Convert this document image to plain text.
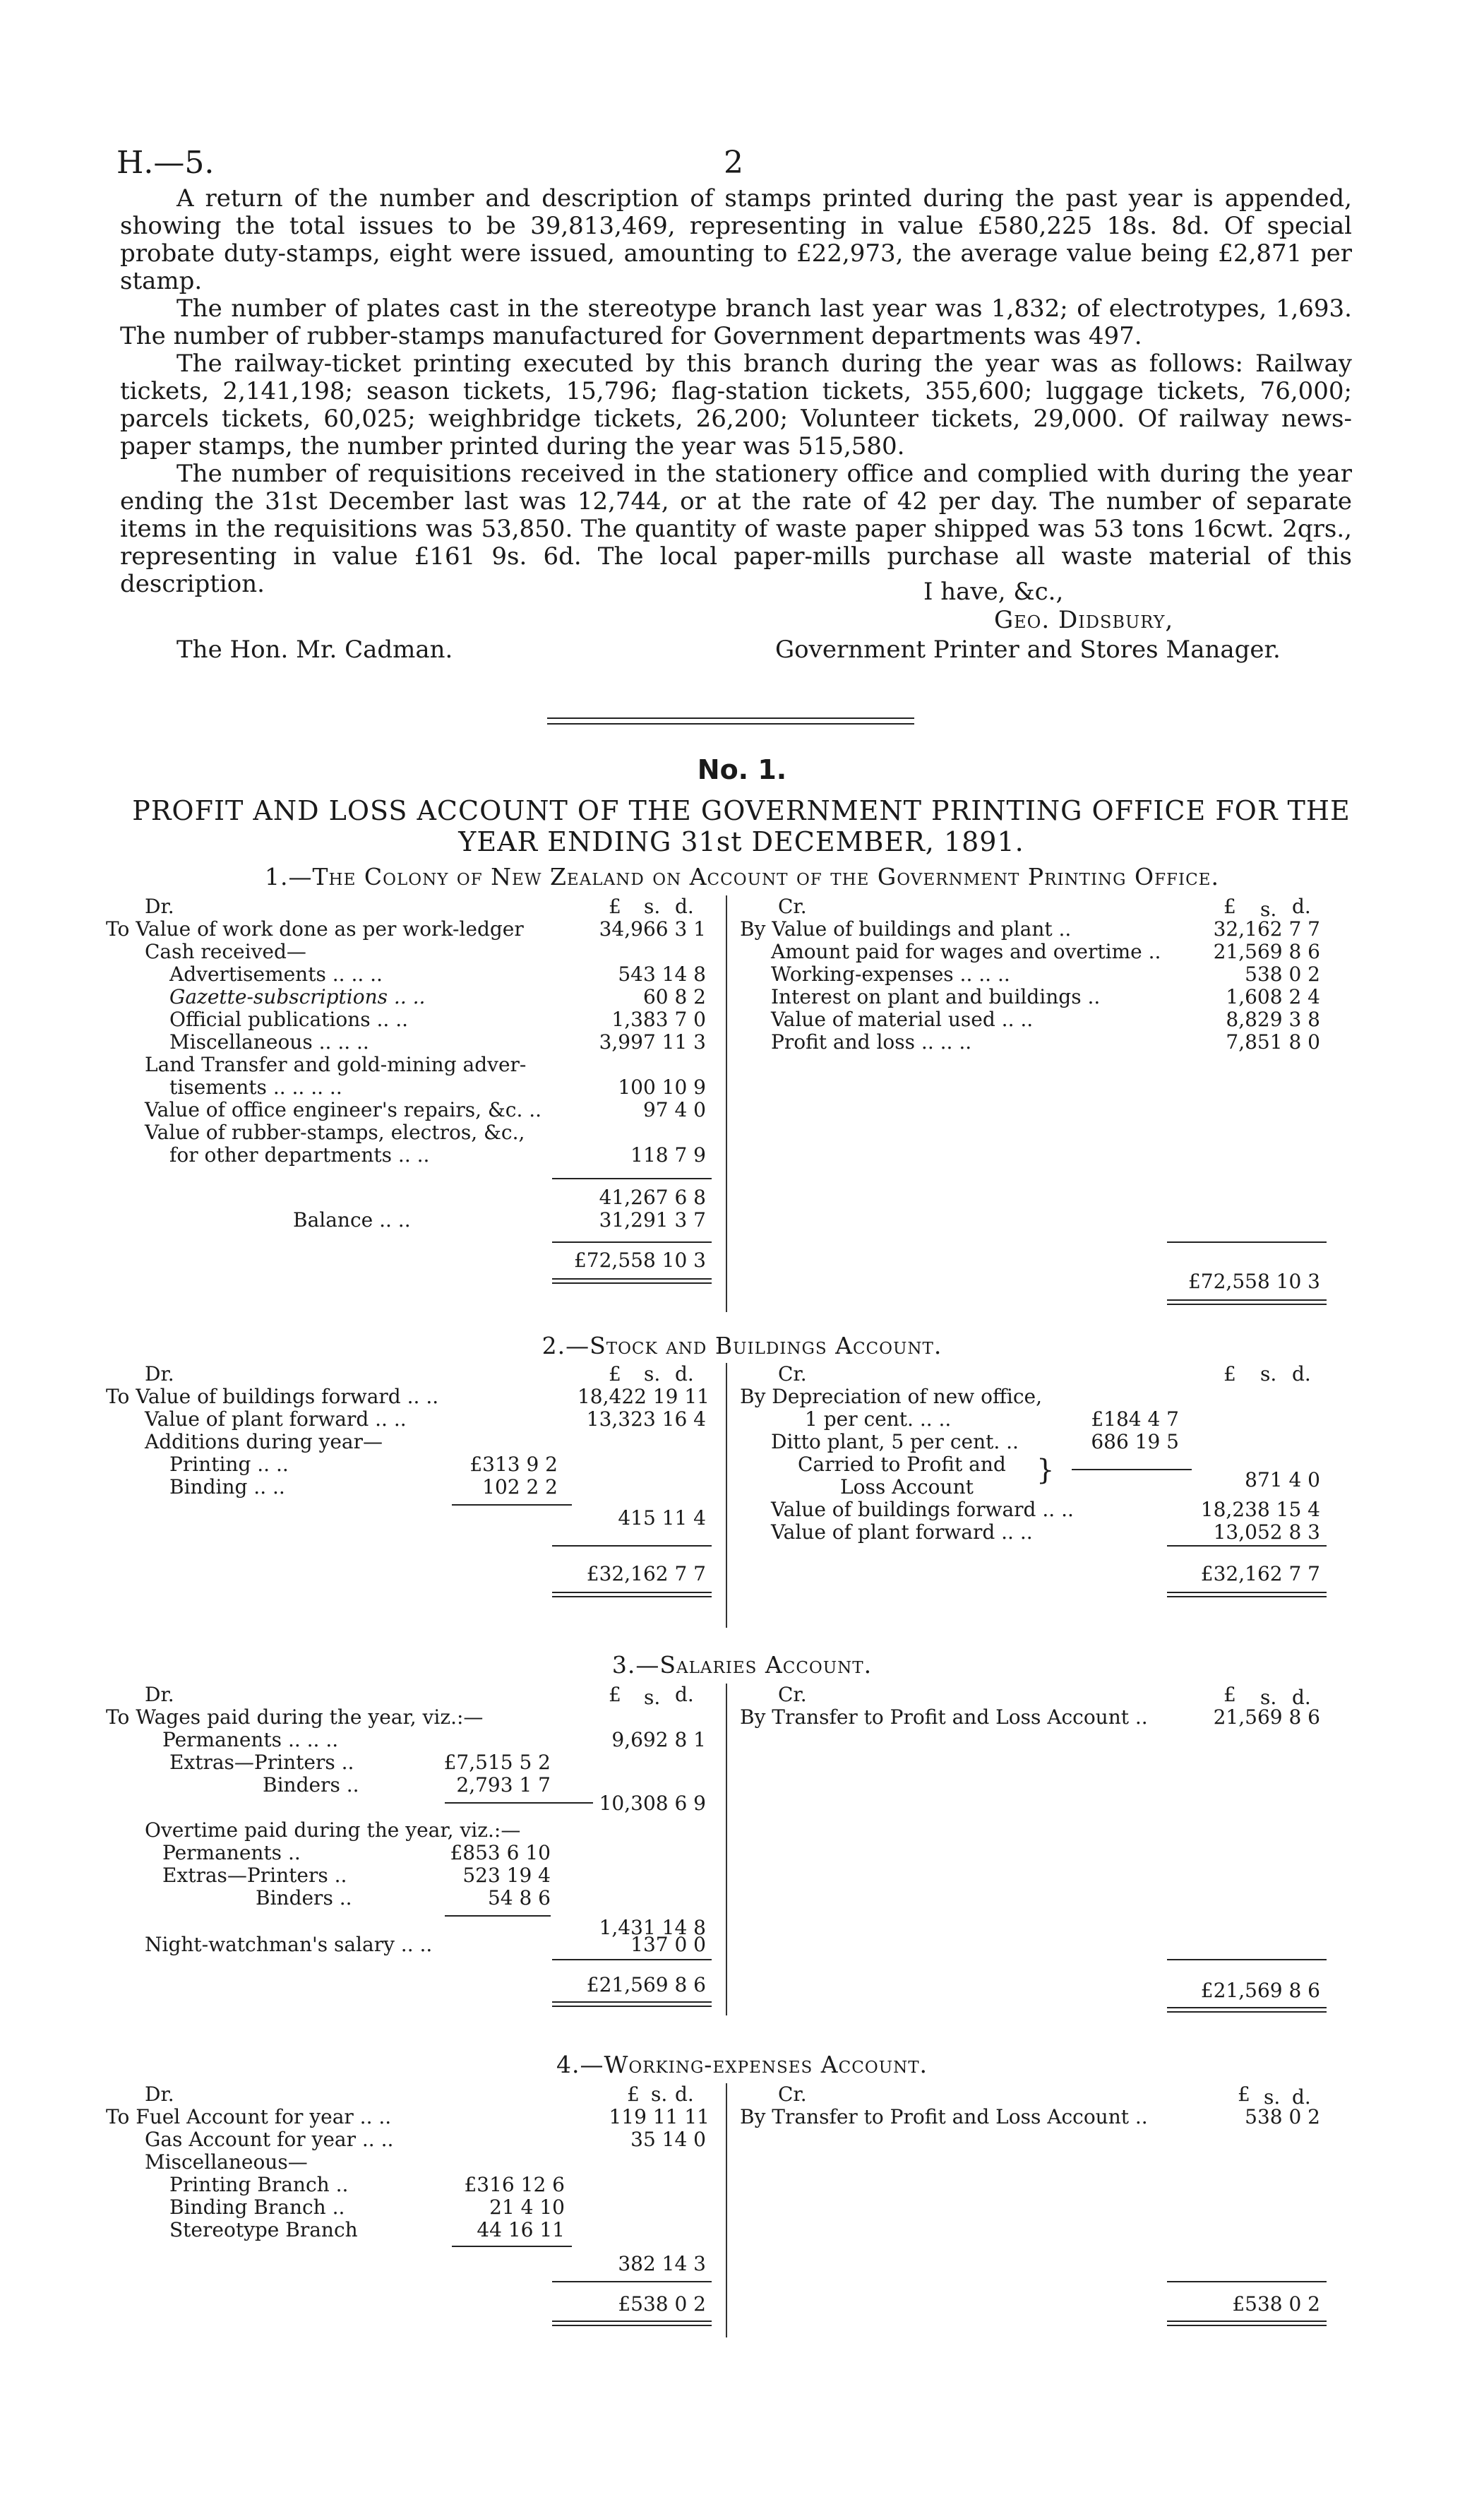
H.—5.	2

A return of the number and description of stamps printed during the past year is appended, showing the total issues to be 39,813,469, representing in value £580,225 18s. 8d. Of special probate duty-stamps, eight were issued, amounting to £22,973, the average value being £2,871 per stamp.

The number of plates cast in the stereotype branch last year was 1,832; of electrotypes, 1,693. The number of rubber-stamps manufactured for Government departments was 497.

The railway-ticket printing executed by this branch during the year was as follows: Railway tickets, 2,141,198; season tickets, 15,796; flag-station tickets, 355,600; luggage tickets, 76,000; parcels tickets, 60,025; weighbridge tickets, 26,200; Volunteer tickets, 29,000. Of railway news-paper stamps, the number printed during the year was 515,580.

The number of requisitions received in the stationery office and complied with during the year ending the 31st December last was 12,744, or at the rate of 42 per day. The number of separate items in the requisitions was 53,850. The quantity of waste paper shipped was 53 tons 16cwt. 2qrs., representing in value £161 9s. 6d. The local paper-mills purchase all waste material of this description.	I have, &c.,
Geo. Didsbury,
The Hon. Mr. Cadman.	Government Printer and Stores Manager.
No. 1.
PROFIT AND LOSS ACCOUNT OF THE GOVERNMENT PRINTING OFFICE FOR THE
YEAR ENDING 31st DECEMBER, 1891.
1.—The Colony of New Zealand on Account of the Government Printing Office.
Dr.	£ s. d.
To Value of work done as per work-ledger	34,966 3 1
Cash received—
Advertisements .. .. ..	543 14 8
Gazette-subscriptions .. ..	60 8 2
Official publications .. ..	1,383 7 0
Miscellaneous .. .. ..	3,997 11 3
Land Transfer and gold-mining adver-
tisements .. .. .. ..	100 10 9
Value of office engineer's repairs, &c. ..	97 4 0
Value of rubber-stamps, electros, &c.,
for other departments .. ..	118 7 9
41,267 6 8
Balance .. ..	31,291 3 7
£72,558 10 3
Cr.	£ s. d.
By Value of buildings and plant ..	32,162 7 7
Amount paid for wages and overtime ..	21,569 8 6
Working-expenses .. .. ..	538 0 2
Interest on plant and buildings ..	1,608 2 4
Value of material used .. ..	8,829 3 8
Profit and loss .. .. ..	7,851 8 0
£72,558 10 3
2.—Stock and Buildings Account.
Dr.	£ s. d.
To Value of buildings forward .. ..	18,422 19 11
Value of plant forward .. ..	13,323 16 4
Additions during year—
Printing .. ..	£313 9 2
Binding .. ..	102 2 2
415 11 4
£32,162 7 7
Cr.	£ s. d.
By Depreciation of new office,
1 per cent. .. ..	£184 4 7
Ditto plant, 5 per cent. ..	686 19 5
Carried to Profit and
Loss Account
}	871 4 0
Value of buildings forward .. ..	18,238 15 4
Value of plant forward .. ..	13,052 8 3
£32,162 7 7
3.—Salaries Account.
Dr.	£ s. d.
To Wages paid during the year, viz.:—
Permanents .. .. ..	9,692 8 1
Extras—Printers ..	£7,515 5 2
Binders ..	2,793 1 7
10,308 6 9
Overtime paid during the year, viz.:—
Permanents ..	£853 6 10
Extras—Printers ..	523 19 4
Binders ..	54 8 6
1,431 14 8
Night-watchman's salary .. ..	137 0 0
£21,569 8 6
Cr.	£ s. d.
By Transfer to Profit and Loss Account ..	21,569 8 6
£21,569 8 6
4.—Working-expenses Account.
Dr.	£ s. d.
To Fuel Account for year .. ..	119 11 11
Gas Account for year .. ..	35 14 0
Miscellaneous—
Printing Branch ..	£316 12 6
Binding Branch ..	21 4 10
Stereotype Branch	44 16 11
382 14 3
£538 0 2
Cr.	£ s. d.
By Transfer to Profit and Loss Account ..	538 0 2
£538 0 2
